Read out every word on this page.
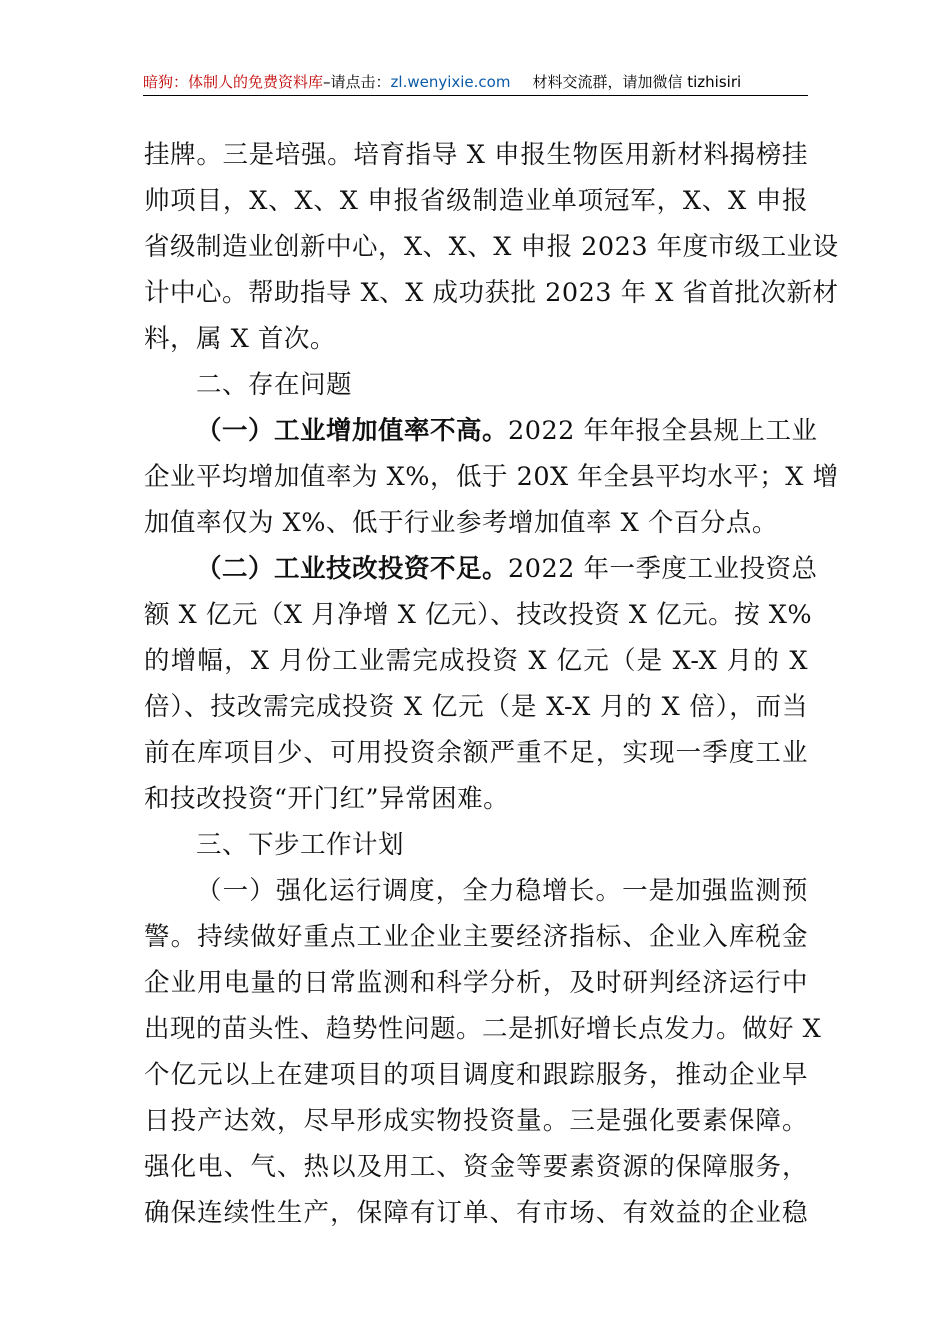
暗狗：体制人的免费资料库–请点击：zl.wenyixie.com 材料交流群，请加微信 tizhisiri
挂牌。三是培强。培育指导 X 申报生物医用新材料揭榜挂
帅项目，X、X、X 申报省级制造业单项冠军，X、X 申报
省级制造业创新中心，X、X、X 申报 2023 年度市级工业设
计中心。帮助指导 X、X 成功获批 2023 年 X 省首批次新材
料，属 X 首次。
二、存在问题
（一）工业增加值率不高。2022 年年报全县规上工业
企业平均增加值率为 X%，低于 20X 年全县平均水平；X 增
加值率仅为 X%、低于行业参考增加值率 X 个百分点。
（二）工业技改投资不足。2022 年一季度工业投资总
额 X 亿元（X 月净增 X 亿元）、技改投资 X 亿元。按 X%
的增幅，X 月份工业需完成投资 X 亿元（是 X-X 月的 X
倍）、技改需完成投资 X 亿元（是 X-X 月的 X 倍），而当
前在库项目少、可用投资余额严重不足，实现一季度工业
和技改投资“开门红”异常困难。
三、下步工作计划
（一）强化运行调度，全力稳增长。一是加强监测预
警。持续做好重点工业企业主要经济指标、企业入库税金
企业用电量的日常监测和科学分析，及时研判经济运行中
出现的苗头性、趋势性问题。二是抓好增长点发力。做好 X
个亿元以上在建项目的项目调度和跟踪服务，推动企业早
日投产达效，尽早形成实物投资量。三是强化要素保障。
强化电、气、热以及用工、资金等要素资源的保障服务，
确保连续性生产，保障有订单、有市场、有效益的企业稳
